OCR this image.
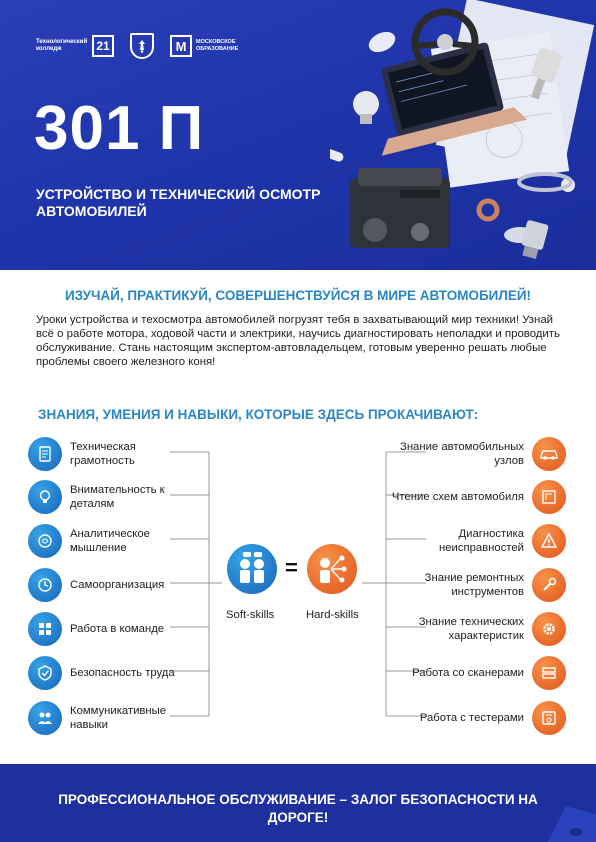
Технологический колледж	21	М	МОСКОВСКОЕ ОБРАЗОВАНИЕ
301 П
УСТРОЙСТВО И ТЕХНИЧЕСКИЙ ОСМОТР АВТОМОБИЛЕЙ
ИЗУЧАЙ, ПРАКТИКУЙ, СОВЕРШЕНСТВУЙСЯ В МИРЕ АВТОМОБИЛЕЙ!
Уроки устройства и техосмотра автомобилей погрузят тебя в захватывающий мир техники! Узнай всё о работе мотора, ходовой части и электрики, научись диагностировать неполадки и проводить обслуживание. Стань настоящим экспертом-автовладельцем, готовым уверенно решать любые проблемы своего железного коня!
ЗНАНИЯ, УМЕНИЯ И НАВЫКИ, КОТОРЫЕ ЗДЕСЬ ПРОКАЧИВАЮТ:
Техническая грамотность
Внимательность к деталям
Аналитическое мышление
Самоорганизация
Работа в команде
Безопасность труда
Коммуникативные навыки
=
Soft-skills	Hard-skills
Знание автомобильных узлов
Чтение схем автомобиля
Диагностика неисправностей
Знание ремонтных инструментов
Знание технических характеристик
Работа со сканерами
Работа с тестерами
ПРОФЕССИОНАЛЬНОЕ ОБСЛУЖИВАНИЕ – ЗАЛОГ БЕЗОПАСНОСТИ НА ДОРОГЕ!
